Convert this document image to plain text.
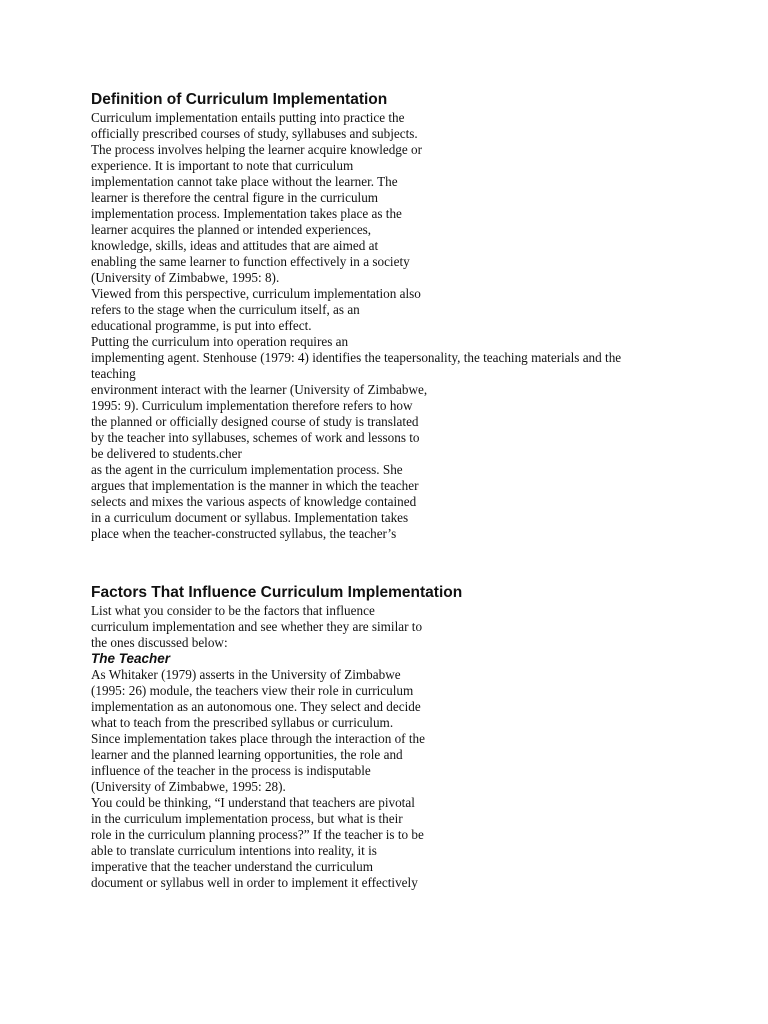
Definition of Curriculum Implementation

Curriculum implementation entails putting into practice the

officially prescribed courses of study, syllabuses and subjects.

The process involves helping the learner acquire knowledge or

experience. It is important to note that curriculum

implementation cannot take place without the learner. The

learner is therefore the central figure in the curriculum

implementation process. Implementation takes place as the

learner acquires the planned or intended experiences,

knowledge, skills, ideas and attitudes that are aimed at

enabling the same learner to function effectively in a society

(University of Zimbabwe, 1995: 8).

Viewed from this perspective, curriculum implementation also

refers to the stage when the curriculum itself, as an

educational programme, is put into effect.

Putting the curriculum into operation requires an

implementing agent. Stenhouse (1979: 4) identifies the teapersonality, the teaching materials and the

teaching

environment interact with the learner (University of Zimbabwe,

1995: 9). Curriculum implementation therefore refers to how

the planned or officially designed course of study is translated

by the teacher into syllabuses, schemes of work and lessons to

be delivered to students.cher

as the agent in the curriculum implementation process. She

argues that implementation is the manner in which the teacher

selects and mixes the various aspects of knowledge contained

in a curriculum document or syllabus. Implementation takes

place when the teacher-constructed syllabus, the teacher’s

Factors That Influence Curriculum Implementation

List what you consider to be the factors that influence

curriculum implementation and see whether they are similar to

the ones discussed below:

The Teacher

As Whitaker (1979) asserts in the University of Zimbabwe

(1995: 26) module, the teachers view their role in curriculum

implementation as an autonomous one. They select and decide

what to teach from the prescribed syllabus or curriculum.

Since implementation takes place through the interaction of the

learner and the planned learning opportunities, the role and

influence of the teacher in the process is indisputable

(University of Zimbabwe, 1995: 28).

You could be thinking, “I understand that teachers are pivotal

in the curriculum implementation process, but what is their

role in the curriculum planning process?” If the teacher is to be

able to translate curriculum intentions into reality, it is

imperative that the teacher understand the curriculum

document or syllabus well in order to implement it effectively
